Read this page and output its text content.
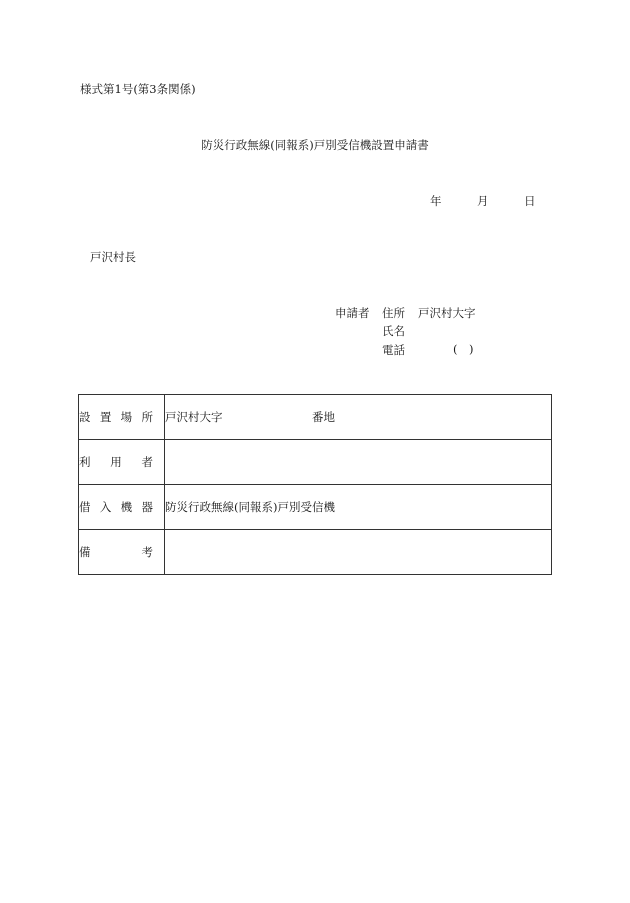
様式第1号(第3条関係)
防災行政無線(同報系)戸別受信機設置申請書
年	月	日
戸沢村長
申請者 住所 戸沢村大字
氏名
電話	( )
設 置 場 所	戸沢村大字 番地

利 用 者	

借 入 機 器	防災行政無線(同報系)戸別受信機

備 考	
